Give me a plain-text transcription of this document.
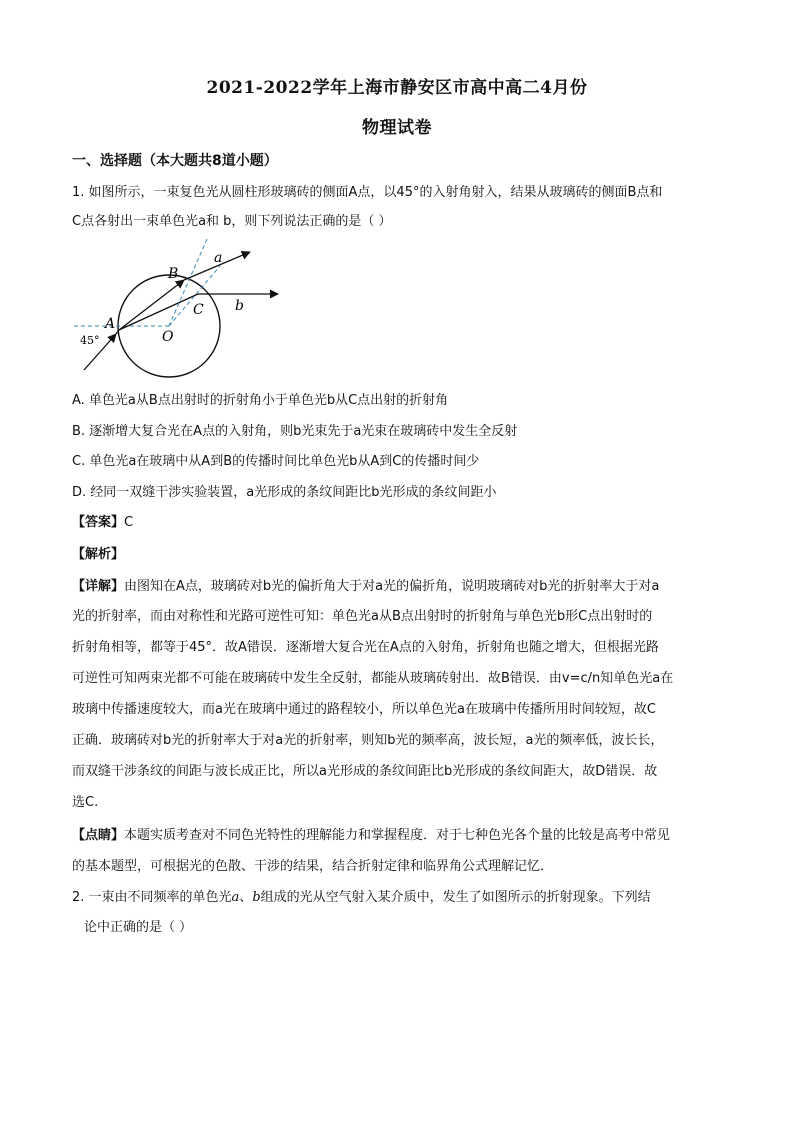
2021-2022学年上海市静安区市高中高二4月份
物理试卷
一、选择题（本大题共8道小题）
1. 如图所示，一束复色光从圆柱形玻璃砖的侧面A点，以45°的入射角射入，结果从玻璃砖的侧面B点和
C点各射出一束单色光a和 b，则下列说法正确的是（ ）
A
B
C
O
a
b
45°
A. 单色光a从B点出射时的折射角小于单色光b从C点出射的折射角
B. 逐渐增大复合光在A点的入射角，则b光束先于a光束在玻璃砖中发生全反射
C. 单色光a在玻璃中从A到B的传播时间比单色光b从A到C的传播时间少
D. 经同一双缝干涉实验装置，a光形成的条纹间距比b光形成的条纹间距小
【答案】C
【解析】
【详解】由图知在A点，玻璃砖对b光的偏折角大于对a光的偏折角，说明玻璃砖对b光的折射率大于对a
光的折射率，而由对称性和光路可逆性可知：单色光a从B点出射时的折射角与单色光b形C点出射时的
折射角相等，都等于45°．故A错误．逐渐增大复合光在A点的入射角，折射角也随之增大，但根据光路
可逆性可知两束光都不可能在玻璃砖中发生全反射，都能从玻璃砖射出．故B错误．由v=c/n知单色光a在
玻璃中传播速度较大，而a光在玻璃中通过的路程较小，所以单色光a在玻璃中传播所用时间较短，故C
正确．玻璃砖对b光的折射率大于对a光的折射率，则知b光的频率高，波长短，a光的频率低，波长长，
而双缝干涉条纹的间距与波长成正比，所以a光形成的条纹间距比b光形成的条纹间距大，故D错误．故
选C.
【点睛】本题实质考查对不同色光特性的理解能力和掌握程度．对于七种色光各个量的比较是高考中常见
的基本题型，可根据光的色散、干涉的结果，结合折射定律和临界角公式理解记忆．
2. 一束由不同频率的单色光a、b组成的光从空气射入某介质中，发生了如图所示的折射现象。下列结
论中正确的是（ ）
